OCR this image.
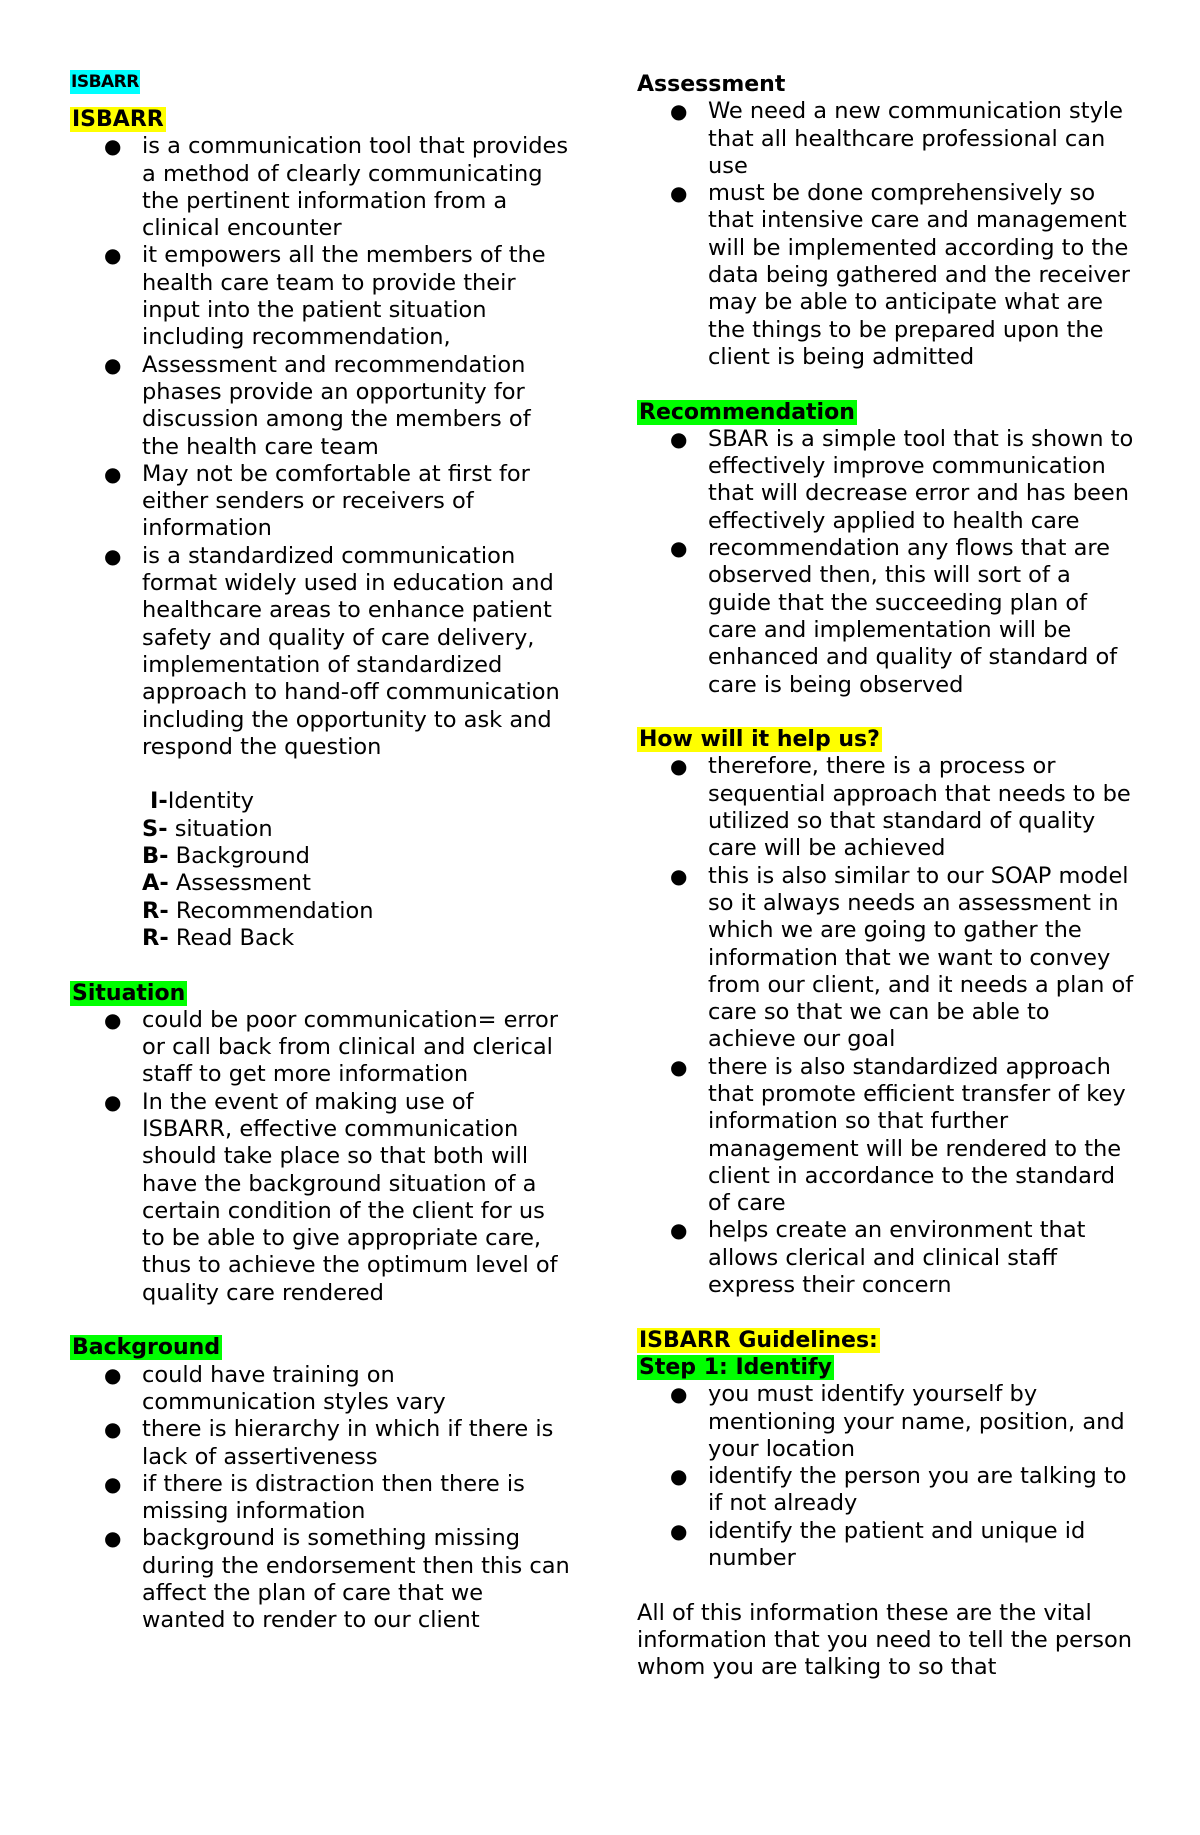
ISBARR
ISBARR
● is a communication tool that provides a method of clearly communicating the pertinent information from a clinical encounter
● it empowers all the members of the health care team to provide their input into the patient situation including recommendation,
● Assessment and recommendation phases provide an opportunity for discussion among the members of the health care team
● May not be comfortable at first for either senders or receivers of information
● is a standardized communication format widely used in education and healthcare areas to enhance patient safety and quality of care delivery, implementation of standardized approach to hand-off communication including the opportunity to ask and respond the question
I-Identity
S- situation
B- Background
A- Assessment
R- Recommendation
R- Read Back
Situation
● could be poor communication= error or call back from clinical and clerical staff to get more information
● In the event of making use of ISBARR, effective communication should take place so that both will have the background situation of a certain condition of the client for us to be able to give appropriate care, thus to achieve the optimum level of quality care rendered
Background
● could have training on communication styles vary
● there is hierarchy in which if there is lack of assertiveness
● if there is distraction then there is missing information
● background is something missing during the endorsement then this can affect the plan of care that we wanted to render to our client
Assessment
● We need a new communication style that all healthcare professional can use
● must be done comprehensively so that intensive care and management will be implemented according to the data being gathered and the receiver may be able to anticipate what are the things to be prepared upon the client is being admitted
Recommendation
● SBAR is a simple tool that is shown to effectively improve communication that will decrease error and has been effectively applied to health care
● recommendation any flows that are observed then, this will sort of a guide that the succeeding plan of care and implementation will be enhanced and quality of standard of care is being observed
How will it help us?
● therefore, there is a process or sequential approach that needs to be utilized so that standard of quality care will be achieved
● this is also similar to our SOAP model so it always needs an assessment in which we are going to gather the information that we want to convey from our client, and it needs a plan of care so that we can be able to achieve our goal
● there is also standardized approach that promote efficient transfer of key information so that further management will be rendered to the client in accordance to the standard of care
● helps create an environment that allows clerical and clinical staff express their concern
ISBARR Guidelines:
Step 1: Identify
● you must identify yourself by mentioning your name, position, and your location
● identify the person you are talking to if not already
● identify the patient and unique id number
All of this information these are the vital information that you need to tell the person whom you are talking to so that
